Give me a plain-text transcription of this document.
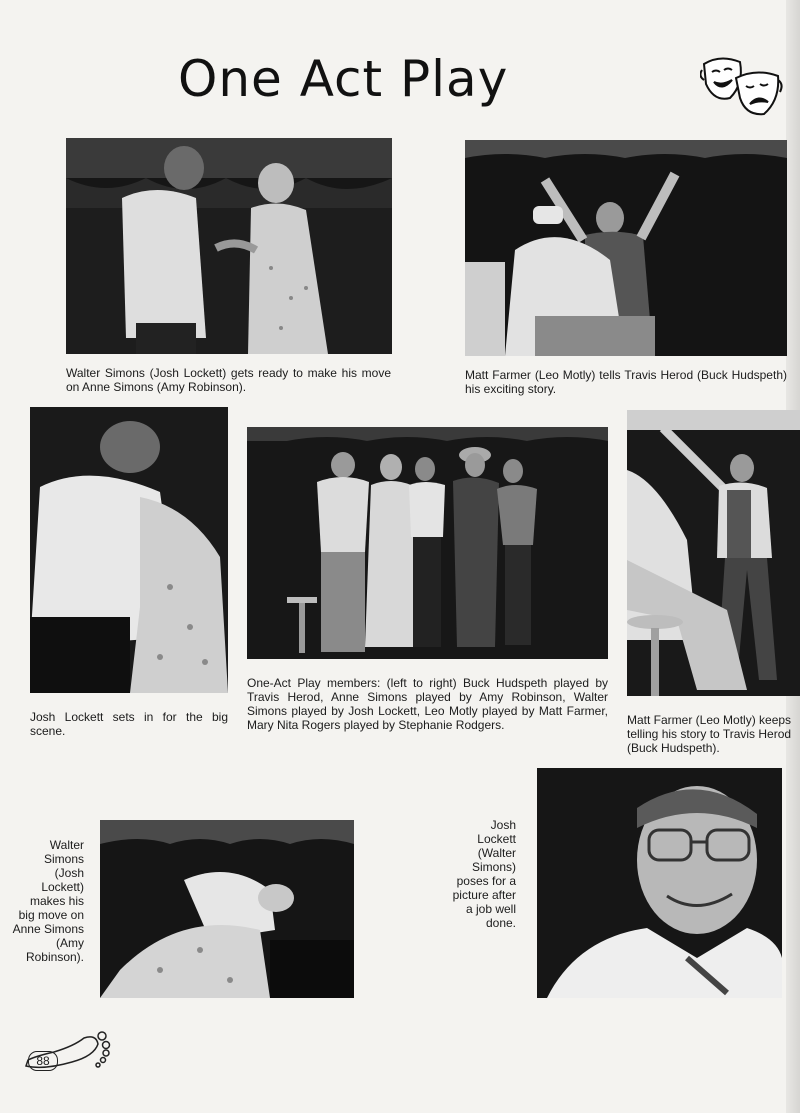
One Act Play
Walter Simons (Josh Lockett) gets ready to make his move on Anne Simons (Amy Robinson).
Matt Farmer (Leo Motly) tells Travis Herod (Buck Hudspeth) his exciting story.
Josh Lockett sets in for the big scene.
One-Act Play members: (left to right) Buck Hudspeth played by Travis Herod, Anne Simons played by Amy Robinson, Walter Simons played by Josh Lockett, Leo Motly played by Matt Farmer, Mary Nita Rogers played by Stephanie Rodgers.	Matt Farmer (Leo Motly) keeps telling his story to Travis Herod (Buck Hudspeth).
Walter Simons (Josh Lockett) makes his big move on Anne Simons (Amy Robinson).
Josh Lockett (Walter Simons) poses for a picture after a job well done.
88
